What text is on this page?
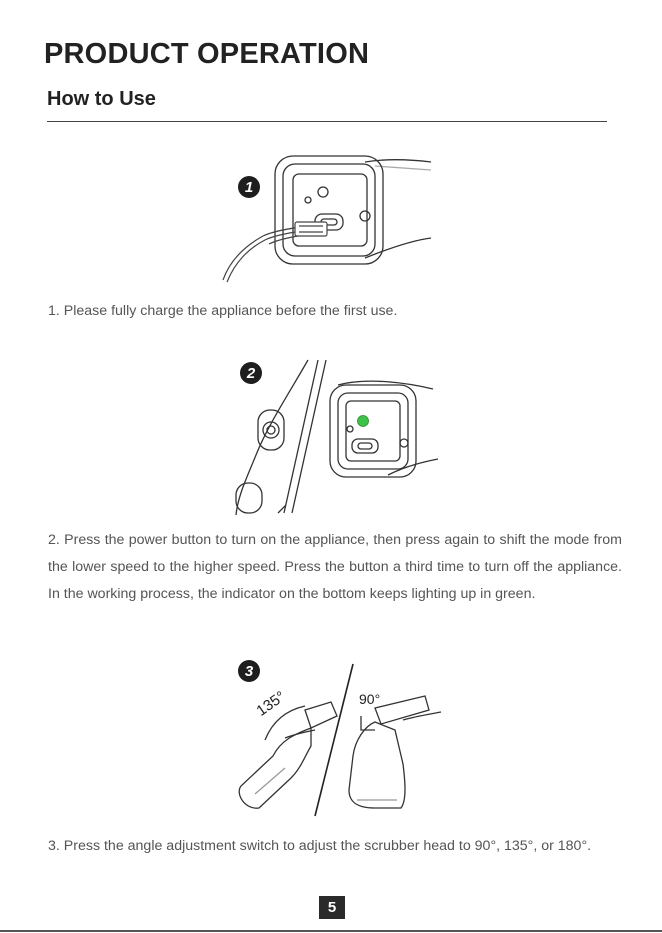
PRODUCT OPERATION
How to Use
1

1. Please fully charge the appliance before the first use.

2

2. Press the power button to turn on the appliance, then press again to shift the mode from the lower speed to the higher speed. Press the button a third time to turn off the appliance. In the working process, the indicator on the bottom keeps lighting up in green.

3
135°	90°

3. Press the angle adjustment switch to adjust the scrubber head to 90°, 135°, or 180°.

5
